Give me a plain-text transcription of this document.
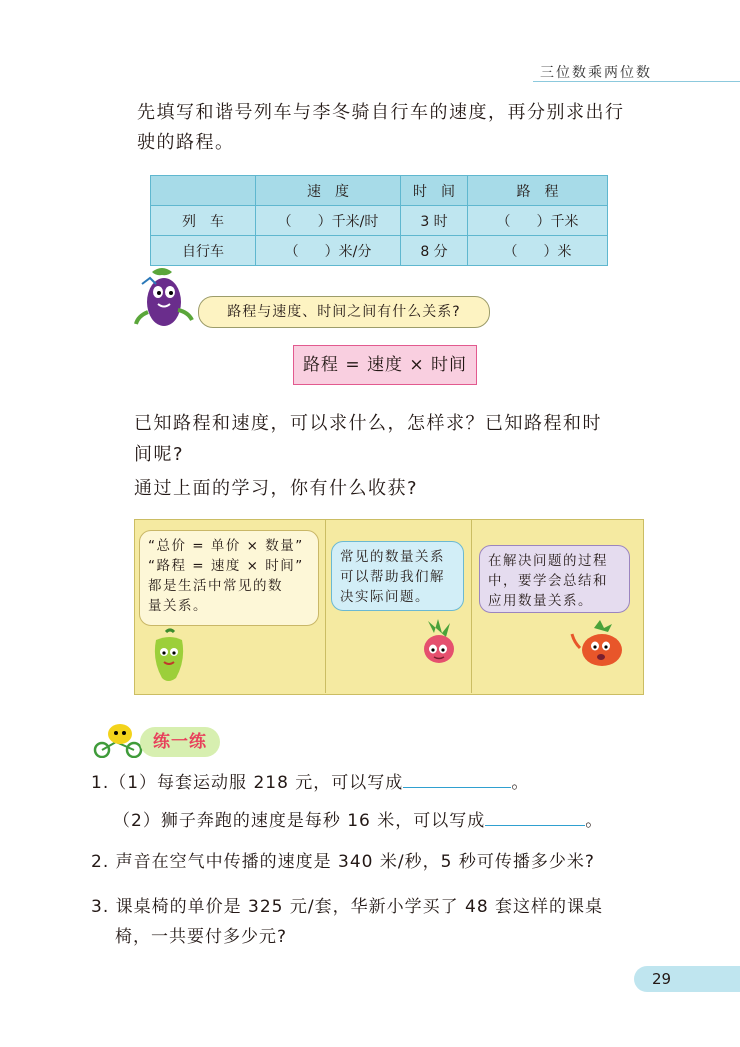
三位数乘两位数
先填写和谐号列车与李冬骑自行车的速度，再分别求出行
驶的路程。
	速　度	时　间	路　程
列　车	（ ）千米/时	3 时	（ ）千米
自行车	（ ）米/分	8 分	（ ）米
路程与速度、时间之间有什么关系?
路程 = 速度 × 时间
已知路程和速度，可以求什么，怎样求？已知路程和时
间呢?
通过上面的学习，你有什么收获?
“总价 = 单价 × 数量”
“路程 = 速度 × 时间”
都是生活中常见的数
量关系。
常见的数量关系
可以帮助我们解
决实际问题。
在解决问题的过程
中，要学会总结和
应用数量关系。
练一练
1.（1）每套运动服 218 元，可以写成	。
（2）狮子奔跑的速度是每秒 16 米，可以写成	。
2. 声音在空气中传播的速度是 340 米/秒，5 秒可传播多少米?
3. 课桌椅的单价是 325 元/套，华新小学买了 48 套这样的课桌
椅，一共要付多少元?
29
